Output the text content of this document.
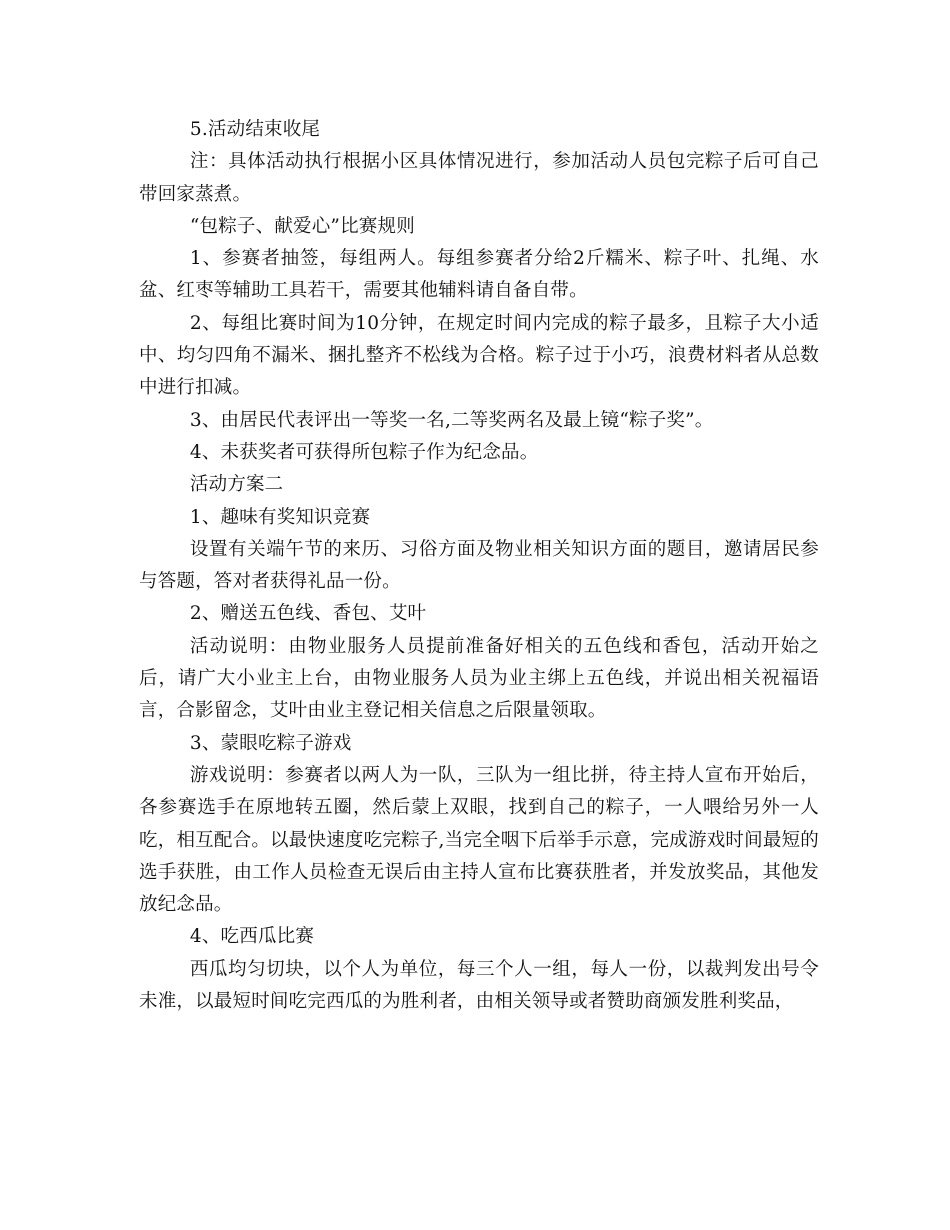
5.活动结束收尾

注：具体活动执行根据小区具体情况进行，参加活动人员包完粽子后可自己带回家蒸煮。

“包粽子、献爱心”比赛规则

1、参赛者抽签，每组两人。每组参赛者分给2斤糯米、粽子叶、扎绳、水盆、红枣等辅助工具若干，需要其他辅料请自备自带。

2、每组比赛时间为10分钟，在规定时间内完成的粽子最多，且粽子大小适中、均匀四角不漏米、捆扎整齐不松线为合格。粽子过于小巧，浪费材料者从总数中进行扣减。

3、由居民代表评出一等奖一名,二等奖两名及最上镜“粽子奖”。

4、未获奖者可获得所包粽子作为纪念品。

活动方案二

1、趣味有奖知识竞赛

设置有关端午节的来历、习俗方面及物业相关知识方面的题目，邀请居民参与答题，答对者获得礼品一份。

2、赠送五色线、香包、艾叶

活动说明：由物业服务人员提前准备好相关的五色线和香包，活动开始之后，请广大小业主上台，由物业服务人员为业主绑上五色线，并说出相关祝福语言，合影留念，艾叶由业主登记相关信息之后限量领取。

3、蒙眼吃粽子游戏

游戏说明：参赛者以两人为一队，三队为一组比拼，待主持人宣布开始后，各参赛选手在原地转五圈，然后蒙上双眼，找到自己的粽子，一人喂给另外一人吃，相互配合。以最快速度吃完粽子,当完全咽下后举手示意，完成游戏时间最短的选手获胜，由工作人员检查无误后由主持人宣布比赛获胜者，并发放奖品，其他发放纪念品。

4、吃西瓜比赛

西瓜均匀切块，以个人为单位，每三个人一组，每人一份，以裁判发出号令未准，以最短时间吃完西瓜的为胜利者，由相关领导或者赞助商颁发胜利奖品，
